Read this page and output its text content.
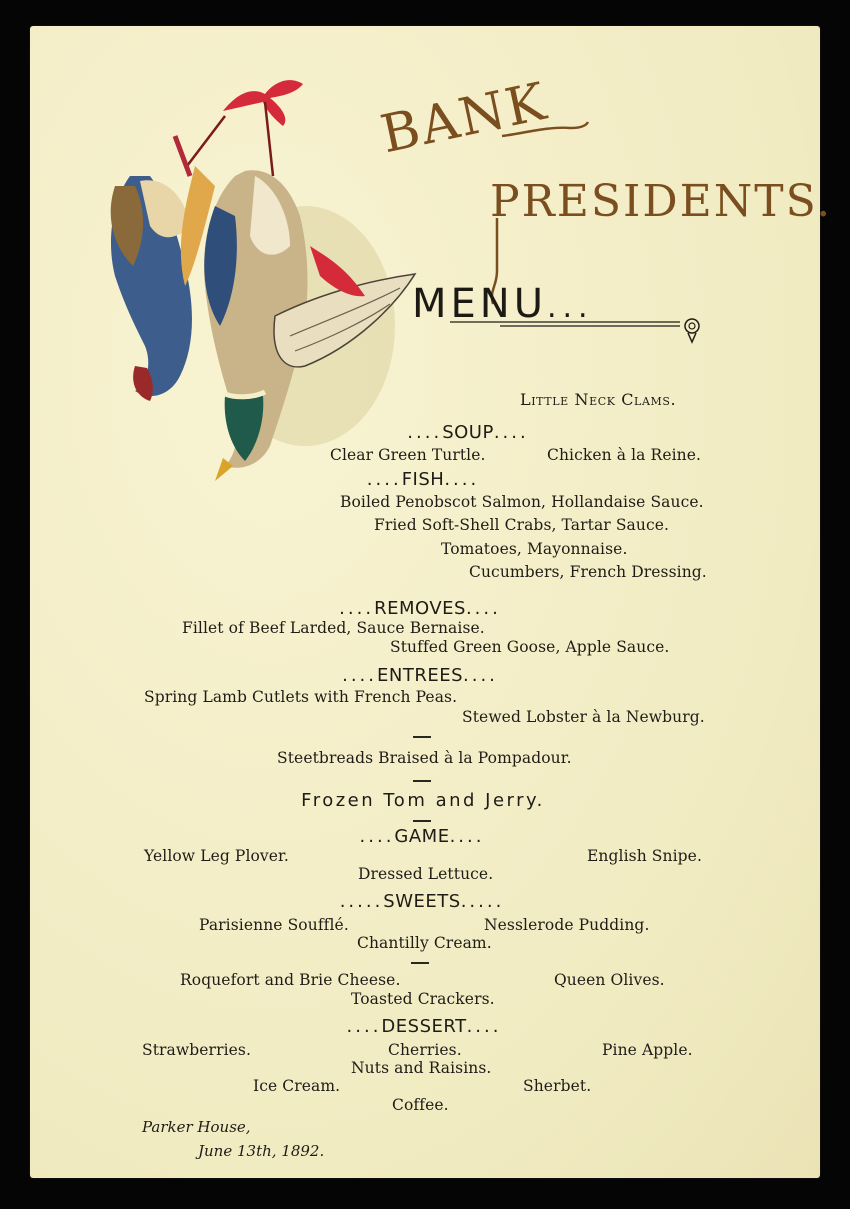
BANK
PRESIDENTS.
MENU...
Little Neck Clams.
....SOUP....
Clear Green Turtle.	Chicken à la Reine.
....FISH....
Boiled Penobscot Salmon, Hollandaise Sauce.
Fried Soft-Shell Crabs, Tartar Sauce.
Tomatoes, Mayonnaise.
Cucumbers, French Dressing.
....REMOVES....
Fillet of Beef Larded, Sauce Bernaise.
Stuffed Green Goose, Apple Sauce.
....ENTREES....
Spring Lamb Cutlets with French Peas.
Stewed Lobster à la Newburg.
Steetbreads Braised à la Pompadour.
Frozen Tom and Jerry.
....GAME....
Yellow Leg Plover.	English Snipe.
Dressed Lettuce.
.....SWEETS.....
Parisienne Soufflé.	Nesslerode Pudding.
Chantilly Cream.
Roquefort and Brie Cheese.	Queen Olives.
Toasted Crackers.
....DESSERT....
Strawberries.	Cherries.	Pine Apple.
Nuts and Raisins.
Ice Cream.	Sherbet.
Coffee.
Parker House,
June 13th, 1892.
